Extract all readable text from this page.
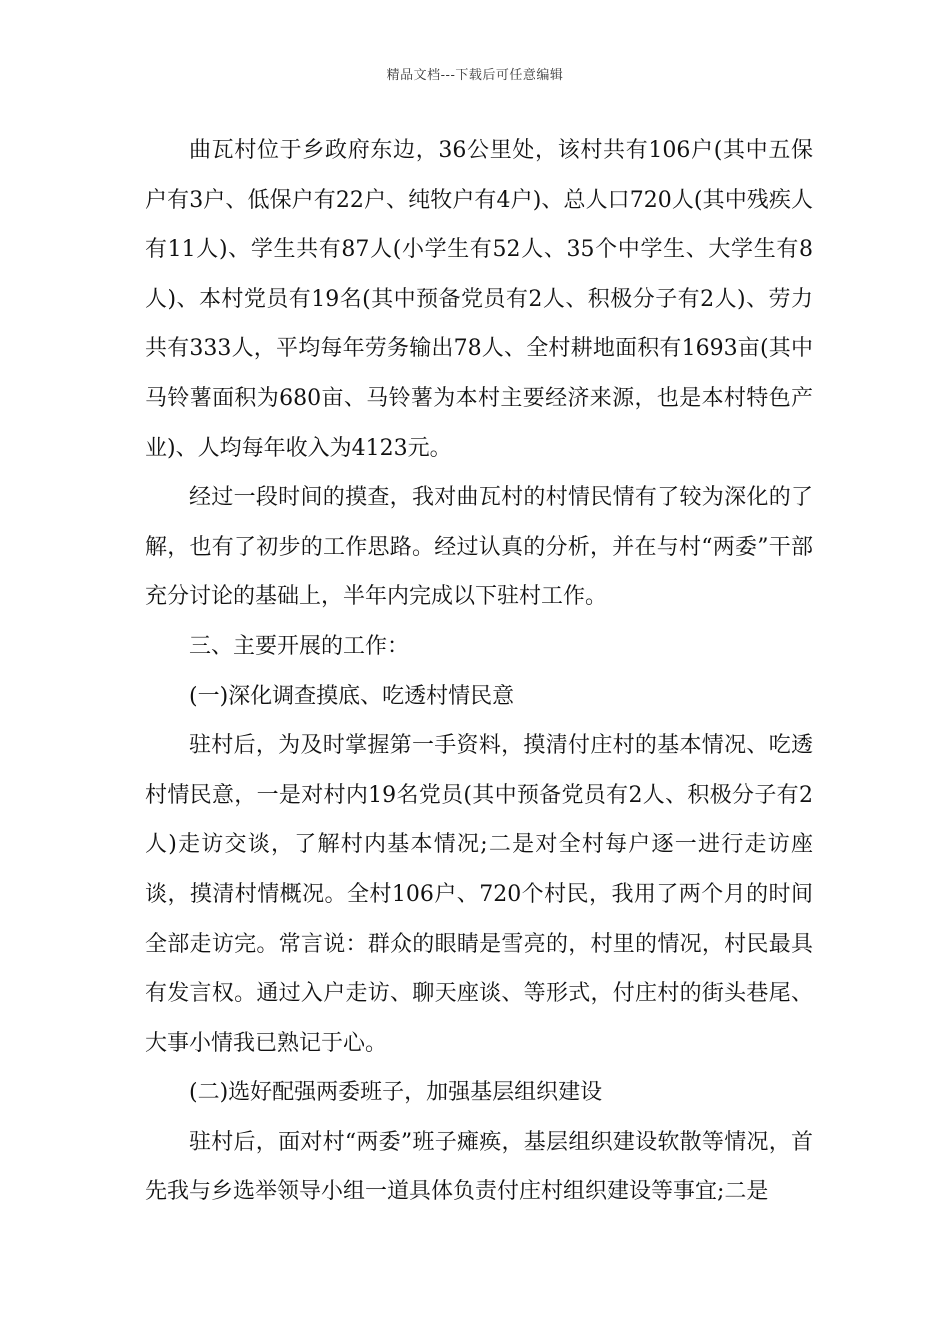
精品文档---下载后可任意编辑

曲瓦村位于乡政府东边，36公里处，该村共有106户(其中五保户有3户、低保户有22户、纯牧户有4户)、总人口720人(其中残疾人有11人)、学生共有87人(小学生有52人、35个中学生、大学生有8人)、本村党员有19名(其中预备党员有2人、积极分子有2人)、劳力共有333人，平均每年劳务输出78人、全村耕地面积有1693亩(其中马铃薯面积为680亩、马铃薯为本村主要经济来源，也是本村特色产业)、人均每年收入为4123元。

经过一段时间的摸查，我对曲瓦村的村情民情有了较为深化的了解，也有了初步的工作思路。经过认真的分析，并在与村“两委”干部充分讨论的基础上，半年内完成以下驻村工作。

三、主要开展的工作：

(一)深化调查摸底、吃透村情民意

驻村后，为及时掌握第一手资料，摸清付庄村的基本情况、吃透村情民意，一是对村内19名党员(其中预备党员有2人、积极分子有2人)走访交谈，了解村内基本情况;二是对全村每户逐一进行走访座谈，摸清村情概况。全村106户、720个村民，我用了两个月的时间全部走访完。常言说：群众的眼睛是雪亮的，村里的情况，村民最具有发言权。通过入户走访、聊天座谈、等形式，付庄村的街头巷尾、大事小情我已熟记于心。

(二)选好配强两委班子，加强基层组织建设

驻村后，面对村“两委”班子瘫痪，基层组织建设软散等情况，首先我与乡选举领导小组一道具体负责付庄村组织建设等事宜;二是
